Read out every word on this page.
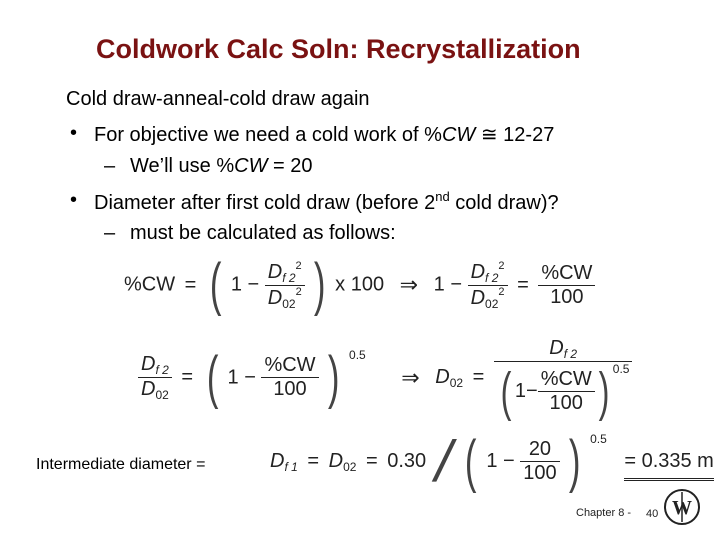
Coldwork Calc Soln: Recrystallization
Cold draw-anneal-cold draw again
• For objective we need a cold work of %CW ≅ 12-27
– We’ll use %CW = 20
• Diameter after first cold draw (before 2nd cold draw)?
– must be calculated as follows:
%CW = ( $1 - \frac{D_{f 2}^2}{D_{02}^2}$ ) x 100 ⇒ $1 - \frac{D_{f 2}^2}{D_{02}^2} = \frac{\%CW}{100}$
$\frac{D_{f 2}}{D_{02}}$ = ( $1 - \frac{\%CW}{100}$ ) $^{0.5}$ ⇒ $D_{02} = \frac{D_{f 2}}{( 1- \frac{\%CW}{100} ) ^{0.5}}$
Intermediate diameter =	$D_{f 1} = D_{02} = 0.30$ / ( $1 - \frac{20}{100}$ ) $^{0.5}$ = 0.335 m
Chapter 8 - 40 W
